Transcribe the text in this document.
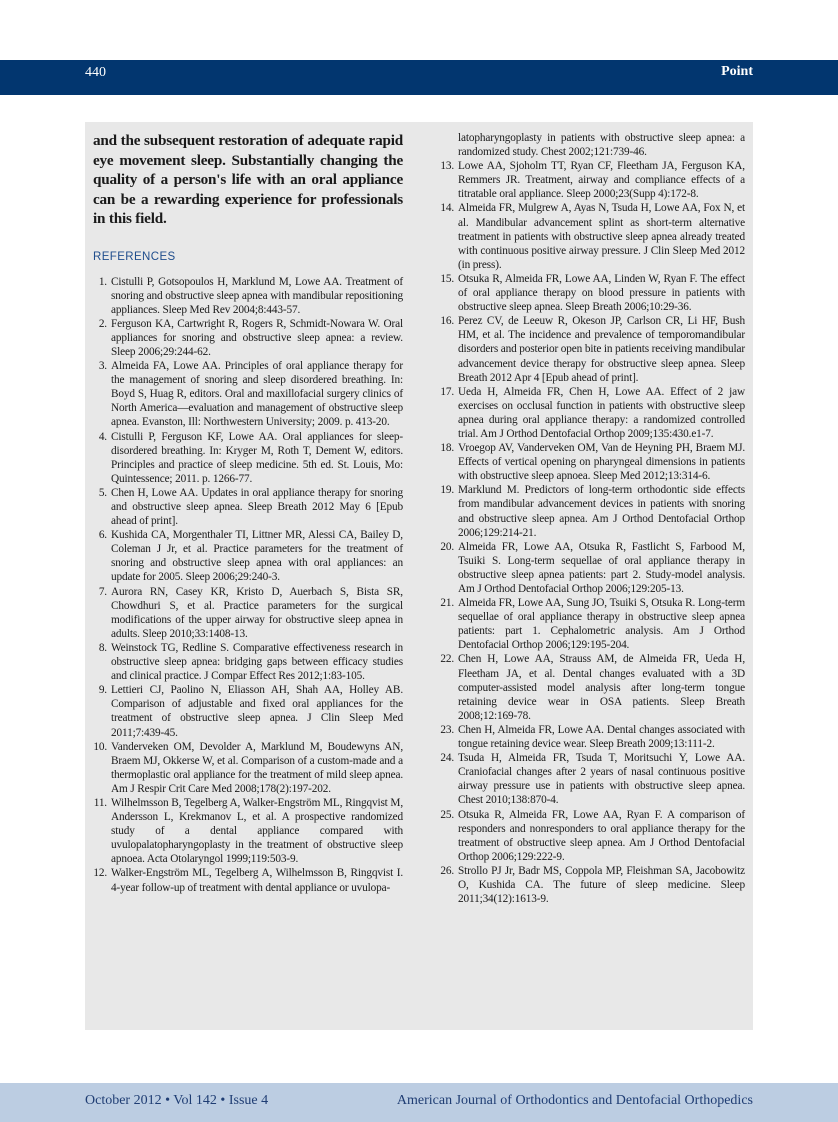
440	Point

and the subsequent restoration of adequate rapid eye movement sleep. Substantially changing the quality of a person's life with an oral appliance can be a rewarding experience for professionals in this field.

REFERENCES

1. Cistulli P, Gotsopoulos H, Marklund M, Lowe AA. Treatment of snoring and obstructive sleep apnea with mandibular repositioning appliances. Sleep Med Rev 2004;8:443-57.

2. Ferguson KA, Cartwright R, Rogers R, Schmidt-Nowara W. Oral appliances for snoring and obstructive sleep apnea: a review. Sleep 2006;29:244-62.

3. Almeida FA, Lowe AA. Principles of oral appliance therapy for the management of snoring and sleep disordered breathing. In: Boyd S, Huag R, editors. Oral and maxillofacial surgery clinics of North America—evaluation and management of obstructive sleep apnea. Evanston, Ill: Northwestern University; 2009. p. 413-20.

4. Cistulli P, Ferguson KF, Lowe AA. Oral appliances for sleep-disordered breathing. In: Kryger M, Roth T, Dement W, editors. Principles and practice of sleep medicine. 5th ed. St. Louis, Mo: Quintessence; 2011. p. 1266-77.

5. Chen H, Lowe AA. Updates in oral appliance therapy for snoring and obstructive sleep apnea. Sleep Breath 2012 May 6 [Epub ahead of print].

6. Kushida CA, Morgenthaler TI, Littner MR, Alessi CA, Bailey D, Coleman J Jr, et al. Practice parameters for the treatment of snoring and obstructive sleep apnea with oral appliances: an update for 2005. Sleep 2006;29:240-3.

7. Aurora RN, Casey KR, Kristo D, Auerbach S, Bista SR, Chowdhuri S, et al. Practice parameters for the surgical modifications of the upper airway for obstructive sleep apnea in adults. Sleep 2010;33:1408-13.

8. Weinstock TG, Redline S. Comparative effectiveness research in obstructive sleep apnea: bridging gaps between efficacy studies and clinical practice. J Compar Effect Res 2012;1:83-105.

9. Lettieri CJ, Paolino N, Eliasson AH, Shah AA, Holley AB. Comparison of adjustable and fixed oral appliances for the treatment of obstructive sleep apnea. J Clin Sleep Med 2011;7:439-45.

10. Vanderveken OM, Devolder A, Marklund M, Boudewyns AN, Braem MJ, Okkerse W, et al. Comparison of a custom-made and a thermoplastic oral appliance for the treatment of mild sleep apnea. Am J Respir Crit Care Med 2008;178(2):197-202.

11. Wilhelmsson B, Tegelberg A, Walker-Engström ML, Ringqvist M, Andersson L, Krekmanov L, et al. A prospective randomized study of a dental appliance compared with uvulopalatopharyngoplasty in the treatment of obstructive sleep apnoea. Acta Otolaryngol 1999;119:503-9.

12. Walker-Engström ML, Tegelberg A, Wilhelmsson B, Ringqvist I. 4-year follow-up of treatment with dental appliance or uvulopa-

latopharyngoplasty in patients with obstructive sleep apnea: a randomized study. Chest 2002;121:739-46.

13. Lowe AA, Sjoholm TT, Ryan CF, Fleetham JA, Ferguson KA, Remmers JR. Treatment, airway and compliance effects of a titratable oral appliance. Sleep 2000;23(Supp 4):172-8.

14. Almeida FR, Mulgrew A, Ayas N, Tsuda H, Lowe AA, Fox N, et al. Mandibular advancement splint as short-term alternative treatment in patients with obstructive sleep apnea already treated with continuous positive airway pressure. J Clin Sleep Med 2012 (in press).

15. Otsuka R, Almeida FR, Lowe AA, Linden W, Ryan F. The effect of oral appliance therapy on blood pressure in patients with obstructive sleep apnea. Sleep Breath 2006;10:29-36.

16. Perez CV, de Leeuw R, Okeson JP, Carlson CR, Li HF, Bush HM, et al. The incidence and prevalence of temporomandibular disorders and posterior open bite in patients receiving mandibular advancement device therapy for obstructive sleep apnea. Sleep Breath 2012 Apr 4 [Epub ahead of print].

17. Ueda H, Almeida FR, Chen H, Lowe AA. Effect of 2 jaw exercises on occlusal function in patients with obstructive sleep apnea during oral appliance therapy: a randomized controlled trial. Am J Orthod Dentofacial Orthop 2009;135:430.e1-7.

18. Vroegop AV, Vanderveken OM, Van de Heyning PH, Braem MJ. Effects of vertical opening on pharyngeal dimensions in patients with obstructive sleep apnoea. Sleep Med 2012;13:314-6.

19. Marklund M. Predictors of long-term orthodontic side effects from mandibular advancement devices in patients with snoring and obstructive sleep apnea. Am J Orthod Dentofacial Orthop 2006;129:214-21.

20. Almeida FR, Lowe AA, Otsuka R, Fastlicht S, Farbood M, Tsuiki S. Long-term sequellae of oral appliance therapy in obstructive sleep apnea patients: part 2. Study-model analysis. Am J Orthod Dentofacial Orthop 2006;129:205-13.

21. Almeida FR, Lowe AA, Sung JO, Tsuiki S, Otsuka R. Long-term sequellae of oral appliance therapy in obstructive sleep apnea patients: part 1. Cephalometric analysis. Am J Orthod Dentofacial Orthop 2006;129:195-204.

22. Chen H, Lowe AA, Strauss AM, de Almeida FR, Ueda H, Fleetham JA, et al. Dental changes evaluated with a 3D computer-assisted model analysis after long-term tongue retaining device wear in OSA patients. Sleep Breath 2008;12:169-78.

23. Chen H, Almeida FR, Lowe AA. Dental changes associated with tongue retaining device wear. Sleep Breath 2009;13:111-2.

24. Tsuda H, Almeida FR, Tsuda T, Moritsuchi Y, Lowe AA. Craniofacial changes after 2 years of nasal continuous positive airway pressure use in patients with obstructive sleep apnea. Chest 2010;138:870-4.

25. Otsuka R, Almeida FR, Lowe AA, Ryan F. A comparison of responders and nonresponders to oral appliance therapy for the treatment of obstructive sleep apnea. Am J Orthod Dentofacial Orthop 2006;129:222-9.

26. Strollo PJ Jr, Badr MS, Coppola MP, Fleishman SA, Jacobowitz O, Kushida CA. The future of sleep medicine. Sleep 2011;34(12):1613-9.

October 2012 • Vol 142 • Issue 4	American Journal of Orthodontics and Dentofacial Orthopedics
